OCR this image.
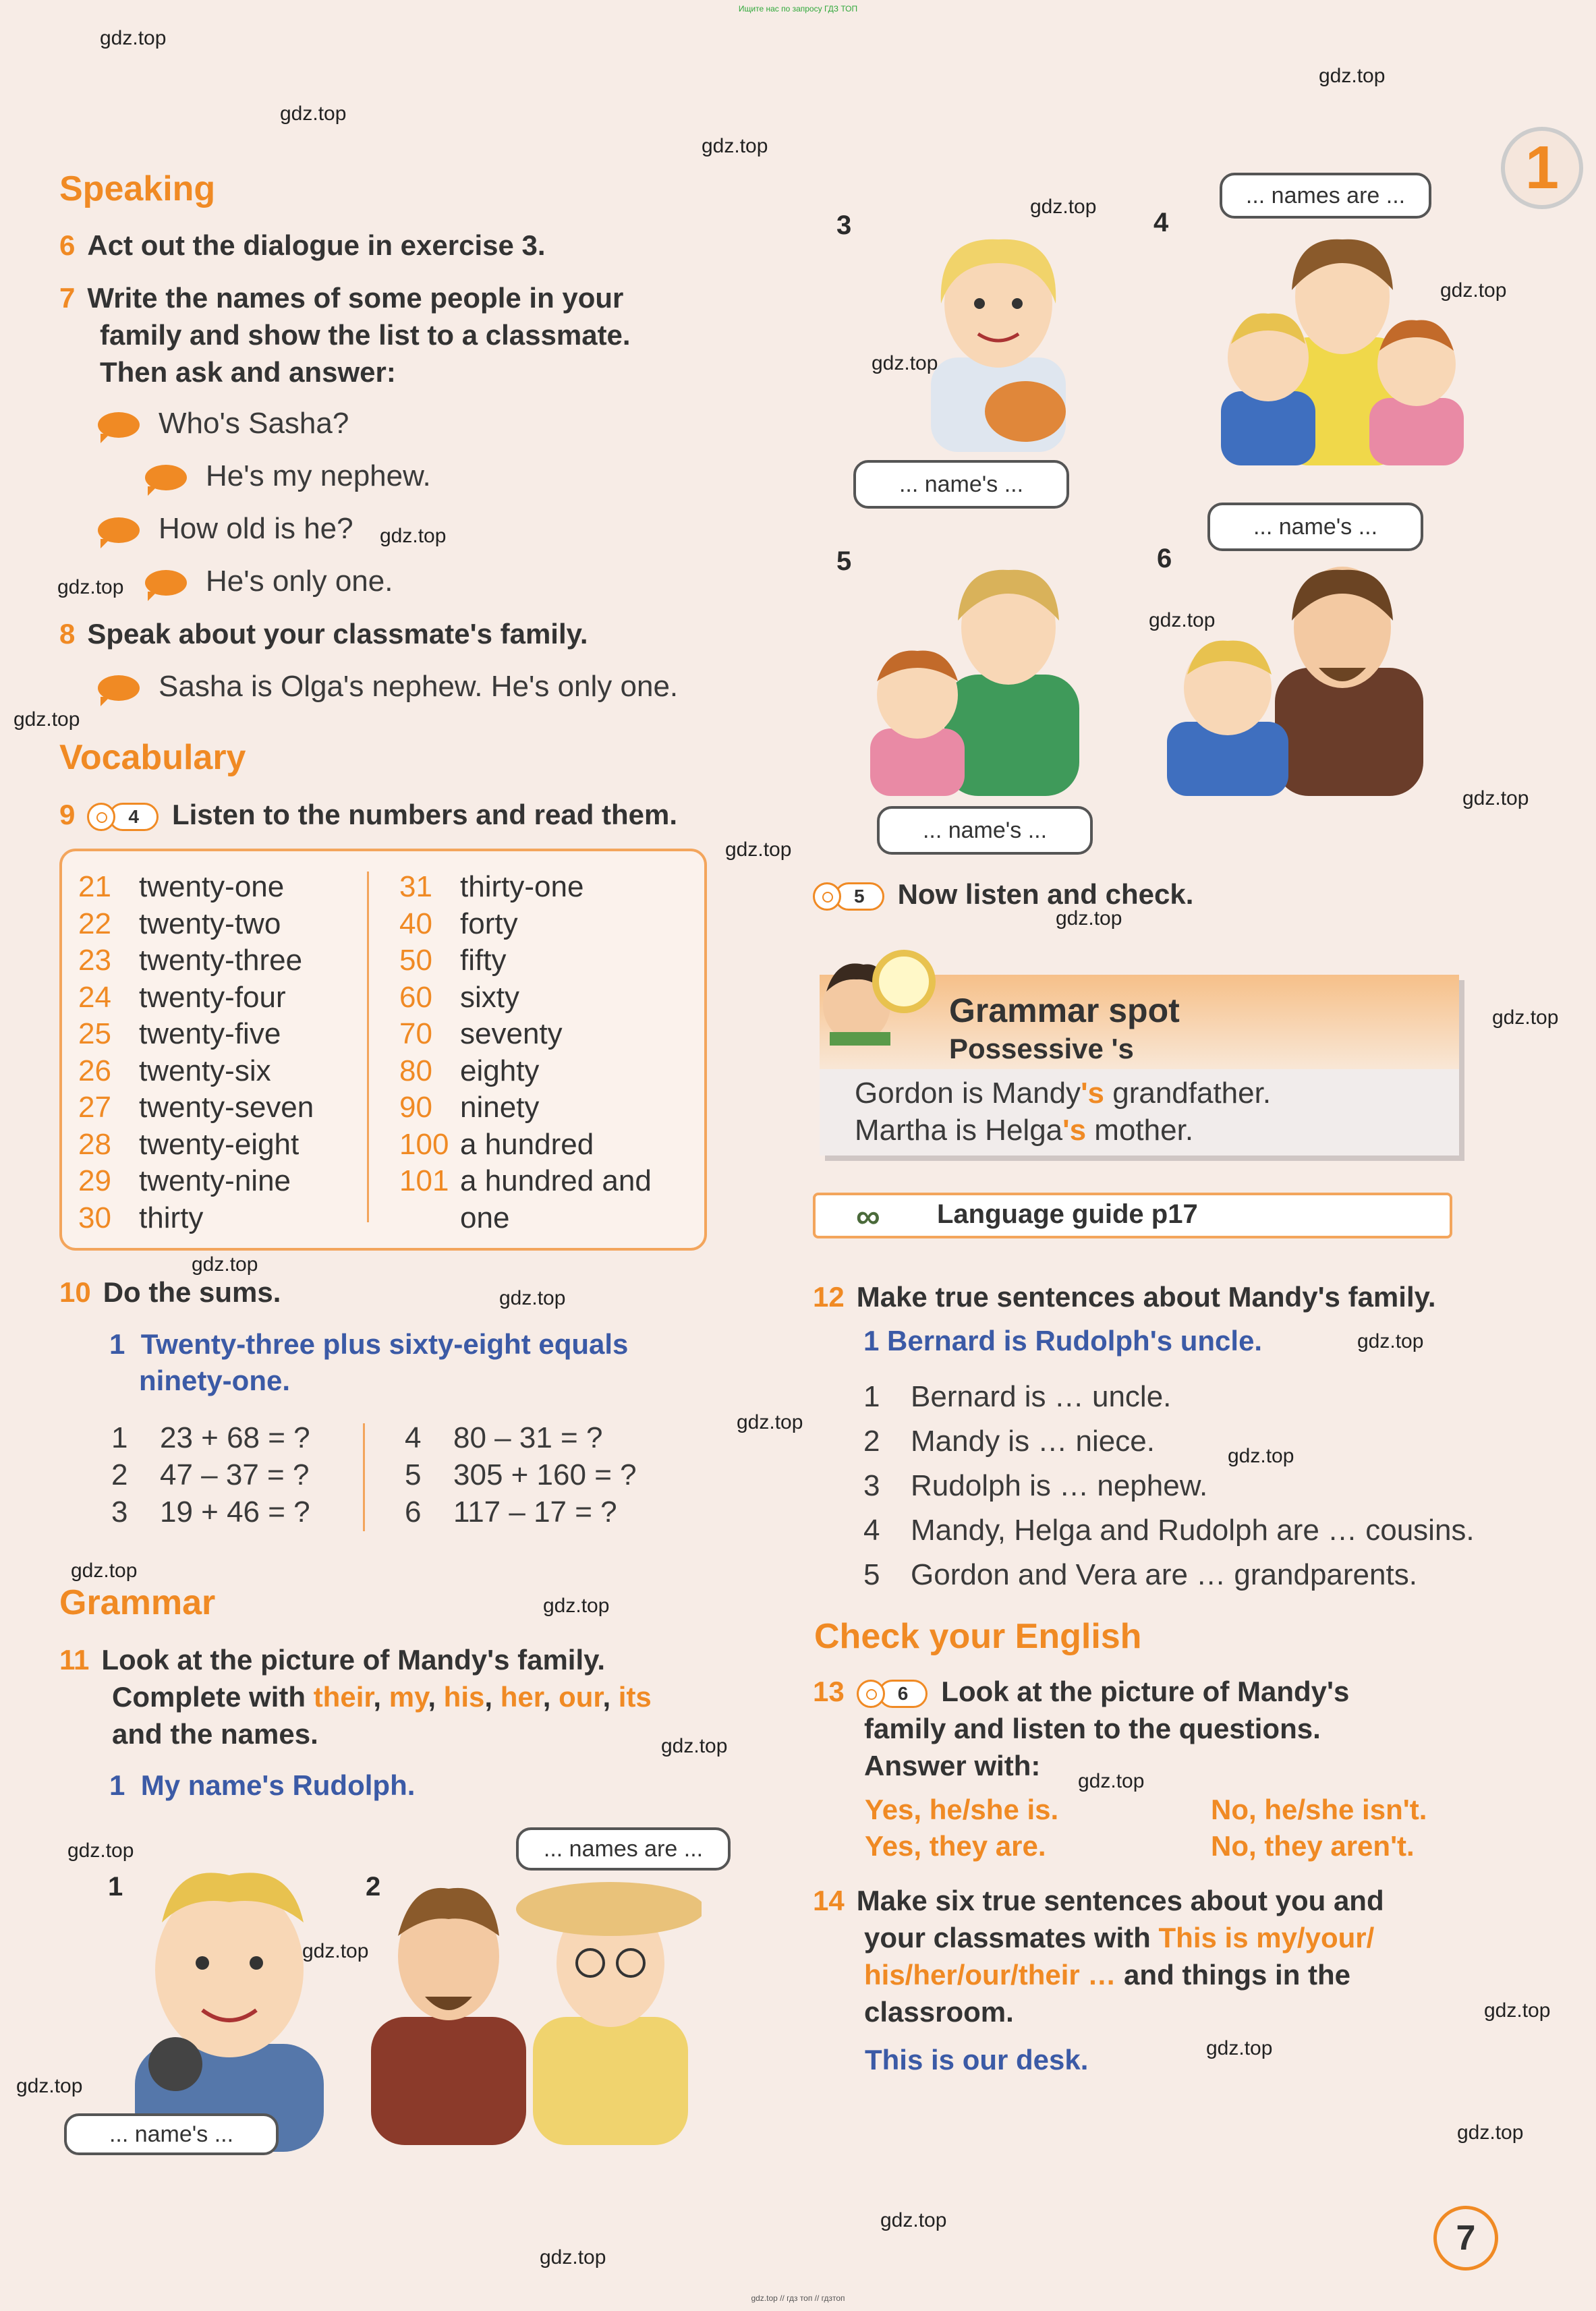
Ищите нас по запросу ГДЗ ТОП
gdz.top // гдз топ // гдзтоп
gdz.top
gdz.top
gdz.top
gdz.top
gdz.top
gdz.top
gdz.top
gdz.top
gdz.top
gdz.top
gdz.top
gdz.top
gdz.top
gdz.top
gdz.top
gdz.top
gdz.top
gdz.top
gdz.top
gdz.top
gdz.top
gdz.top
gdz.top
gdz.top
gdz.top
gdz.top
gdz.top
gdz.top
gdz.top
gdz.top
gdz.top
gdz.top
1
7
Speaking
6 Act out the dialogue in exercise 3.
7 Write the names of some people in your
family and show the list to a classmate.
Then ask and answer:
Who's Sasha?
He's my nephew.
How old is he?
He's only one.
8 Speak about your classmate's family.
Sasha is Olga's nephew. He's only one.
Vocabulary
9	4	Listen to the numbers and read them.
21 twenty-one
22 twenty-two
23 twenty-three
24 twenty-four
25 twenty-five
26 twenty-six
27 twenty-seven
28 twenty-eight
29 twenty-nine
30 thirty
31 thirty-one
40 forty
50 fifty
60 sixty
70 seventy
80 eighty
90 ninety
100 a hundred
101 a hundred and
one
10 Do the sums.
1 Twenty-three plus sixty-eight equals
ninety-one.
1 23 + 68 = ?
2 47 – 37 = ?
3 19 + 46 = ?
4 80 – 31 = ?
5 305 + 160 = ?
6 117 – 17 = ?
Grammar
11 Look at the picture of Mandy's family.
Complete with their, my, his, her, our, its
and the names.
1 My name's Rudolph.
1
... name's ...
2
... names are ...
3
... name's ...
4
... names are ...
5
... name's ...
6
... name's ...
5	Now listen and check.
Grammar spot
Possessive 's
Gordon is Mandy's grandfather.
Martha is Helga's mother.
∞ Language guide p17
12 Make true sentences about Mandy's family.
1 Bernard is Rudolph's uncle.
1 Bernard is … uncle.
2 Mandy is … niece.
3 Rudolph is … nephew.
4 Mandy, Helga and Rudolph are … cousins.
5 Gordon and Vera are … grandparents.
Check your English
13	6	Look at the picture of Mandy's
family and listen to the questions.
Answer with:
Yes, he/she is.
Yes, they are.
No, he/she isn't.
No, they aren't.
14 Make six true sentences about you and
your classmates with This is my/your/
his/her/our/their … and things in the
classroom.
This is our desk.
